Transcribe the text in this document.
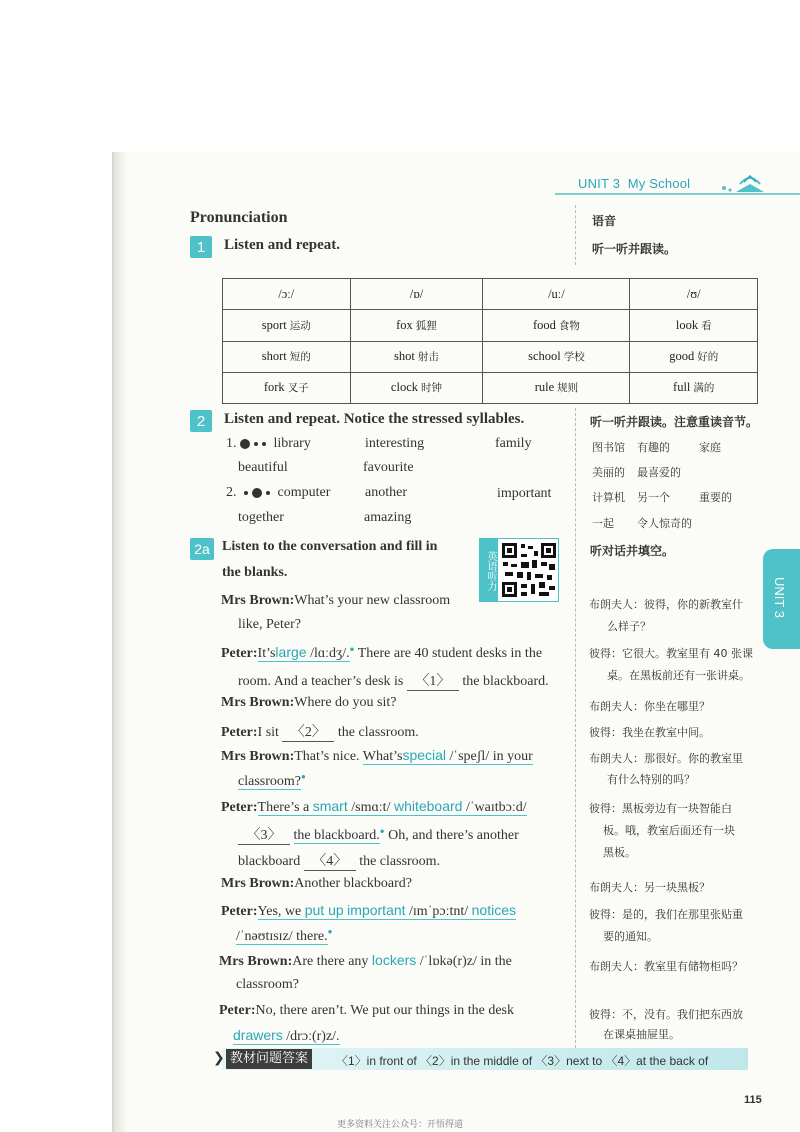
UNIT 3 My School
Pronunciation	语音
1	Listen and repeat.	听一听并跟读。
/ɔː/	/ɒ/	/uː/	/ʊ/
sport 运动	fox 狐狸	food 食物	look 看
short 短的	shot 射击	school 学校	good 好的
fork 叉子	clock 时钟	rule 规则	full 满的
2	Listen and repeat. Notice the stressed syllables.	听一听并跟读。注意重读音节。
1.	library	interesting	family
beautiful	favourite
图书馆 有趣的	家庭
美丽的 最喜爱的
2.	computer another	important
together	amazing
计算机 另一个	重要的
一起 令人惊奇的
2a Listen to the conversation and fill in
the blanks.
听对话并填空。
英语听力
Mrs Brown:What’s your new classroom
like, Peter?
布朗夫人：彼得，你的新教室什
么样子？
Peter:It’slarge /lɑːdʒ/.● There are 40 student desks in the
room. And a teacher’s desk is 〈1〉 the blackboard.
彼得：它很大。教室里有 40 张课
桌。在黑板前还有一张讲桌。
Mrs Brown:Where do you sit?	布朗夫人：你坐在哪里？
Peter:I sit 〈2〉 the classroom.	彼得：我坐在教室中间。
Mrs Brown:That’s nice. What’sspecial /ˈspeʃl/ in your
classroom?●
布朗夫人：那很好。你的教室里
有什么特别的吗？
Peter:There’s a smart /smɑːt/ whiteboard /ˈwaɪtbɔːd/
〈3〉 the blackboard.● Oh, and there’s another
blackboard 〈4〉 the classroom.
彼得：黑板旁边有一块智能白
板。哦，教室后面还有一块
黑板。
Mrs Brown:Another blackboard?	布朗夫人：另一块黑板？
Peter:Yes, we put up important /ɪmˈpɔːtnt/ notices
/ˈnəʊtɪsɪz/ there.●
彼得：是的，我们在那里张贴重
要的通知。
Mrs Brown:Are there any lockers /ˈlɒkə(r)z/ in the
classroom?
布朗夫人：教室里有储物柜吗？
Peter:No, there aren’t. We put our things in the desk
drawers /drɔː(r)z/.
彼得：不，没有。我们把东西放
在课桌抽屉里。
UNIT 3
❯ 教材问题答案	〈1〉in front of 〈2〉in the middle of 〈3〉next to 〈4〉at the back of
115
更多资料关注公众号：开悟得道
